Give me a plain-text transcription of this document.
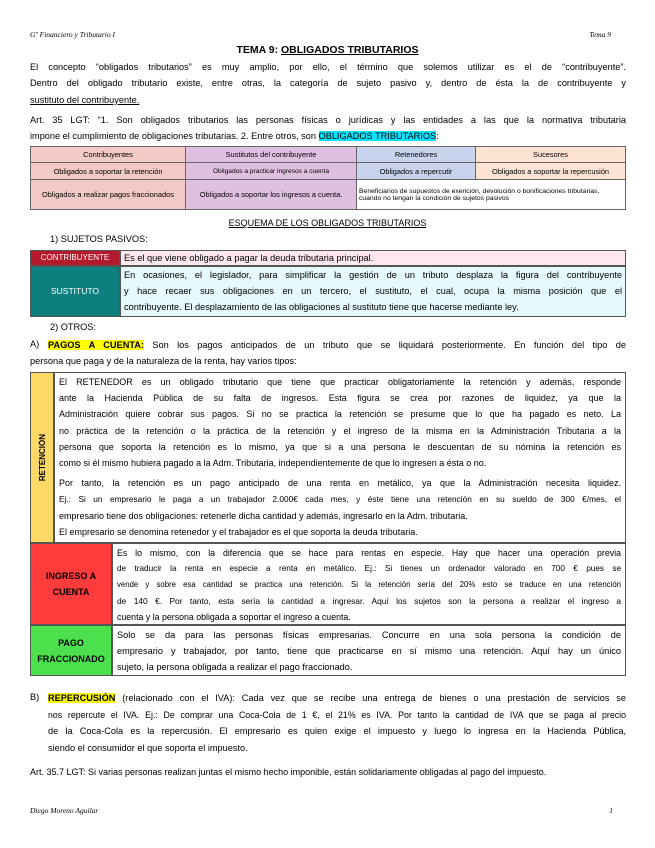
Gº Financiero y Tributario I	Tema 9
TEMA 9: OBLIGADOS TRIBUTARIOS
El concepto “obligados tributarios” es muy amplio, por ello, el término que solemos utilizar es el de “contribuyente”.
Dentro del obligado tributario existe, entre otras, la categoría de sujeto pasivo y, dentro de ésta la de contribuyente y
sustituto del contribuyente.
Art. 35 LGT: “1. Son obligados tributarios las personas físicas o jurídicas y las entidades a las que la normativa tributaria
impone el cumplimiento de obligaciones tributarias. 2. Entre otros, son OBLIGADOS TRIBUTARIOS:
Contribuyentes	Sustitutos del contribuyente	Retenedores	Sucesores
Obligados a soportar la retención	Obligados a practicar ingresos a cuenta	Obligados a repercutir	Obligados a soportar la repercusión
Obligados a realizar pagos fraccionados	Obligados a soportar los ingresos a cuenta.	Beneficiarios de supuestos de exención, devolución o bonificaciones tributarias, cuando no tengan la condición de sujetos pasivos	
ESQUEMA DE LOS OBLIGADOS TRIBUTARIOS
1) SUJETOS PASIVOS:
CONTRIBUYENTE	Es el que viene obligado a pagar la deuda tributaria principal.
SUSTITUTO
En ocasiones, el legislador, para simplificar la gestión de un tributo desplaza la figura del contribuyente
y hace recaer sus obligaciones en un tercero, el sustituto, el cual, ocupa la misma posición que el
contribuyente. El desplazamiento de las obligaciones al sustituto tiene que hacerse mediante ley.
2) OTROS:
A) PAGOS A CUENTA: Son los pagos anticipados de un tributo que se liquidará posteriormente. En función del tipo de
persona que paga y de la naturaleza de la renta, hay varios tipos:
RETENCIÓN
El RETENEDOR es un obligado tributario que tiene que practicar obligatoriamente la retención y además, responde
ante la Hacienda Pública de su falta de ingresos. Esta figura se crea por razones de liquidez, ya que la
Administración quiere cobrar sus pagos. Si no se practica la retención se presume que lo que ha pagado es neto. La
no práctica de la retención o la práctica de la retención y el ingreso de la misma en la Administración Tributaria a la
persona que soporta la retención es lo mismo, ya que si a una persona le descuentan de su nómina la retención es
como si él mismo hubiera pagado a la Adm. Tributaria, independientemente de que lo ingresen a ésta o no.
Por tanto, la retención es un pago anticipado de una renta en metálico, ya que la Administración necesita liquidez.
Ej.: Si un empresario le paga a un trabajador 2.000€ cada mes, y éste tiene una retención en su sueldo de 300 €/mes, el
empresario tiene dos obligaciones: retenerle dicha cantidad y además, ingresarlo en la Adm. tributaria.
El empresario se denomina retenedor y el trabajador es el que soporta la deuda tributaria.
INGRESO A CUENTA
Es lo mismo, con la diferencia que se hace para rentas en especie. Hay que hacer una operación previa
de traducir la renta en especie a renta en metálico. Ej.: Si tienes un ordenador valorado en 700 € pues se
vende y sobre esa cantidad se practica una retención. Si la retención sería del 20% esto se traduce en una retención
de 140 €. Por tanto, esta sería la cantidad a ingresar. Aquí los sujetos son la persona a realizar el ingreso a
cuenta y la persona obligada a soportar el ingreso a cuenta.
PAGO FRACCIONADO
Solo se da para las personas físicas empresarias. Concurre en una sola persona la condición de
empresario y trabajador, por tanto, tiene que practicarse en sí mismo una retención. Aquí hay un único
sujeto, la persona obligada a realizar el pago fraccionado.
B) REPERCUSIÓN (relacionado con el IVA): Cada vez que se recibe una entrega de bienes o una prestación de servicios se
nos repercute el IVA. Ej.: De comprar una Coca-Cola de 1 €, el 21% es IVA. Por tanto la cantidad de IVA que se paga al precio
de la Coca-Cola es la repercusión. El empresario es quien exige el impuesto y luego lo ingresa en la Hacienda Pública,
siendo el consumidor el que soporta el impuesto.
Art. 35.7 LGT: Si varias personas realizan juntas el mismo hecho imponible, están solidariamente obligadas al pago del impuesto.
Diego Moreno Aguilar	1
